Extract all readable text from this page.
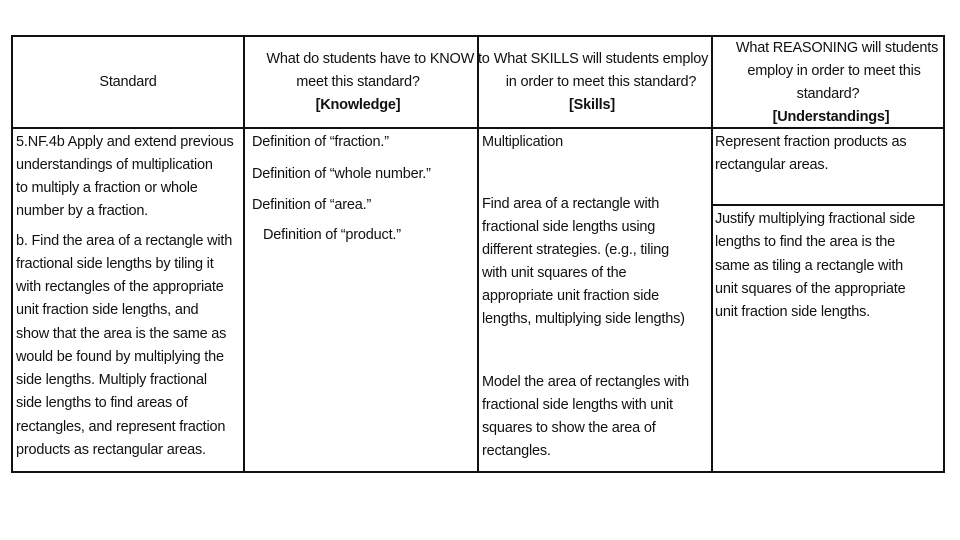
Standard
What do students have to KNOW to
meet this standard?
[Knowledge]
What SKILLS will students employ
in order to meet this standard?
[Skills]
What REASONING will students
employ in order to meet this
standard?
[Understandings]
5.NF.4b Apply and extend previous
understandings of multiplication
to multiply a fraction or whole
number by a fraction.
b. Find the area of a rectangle with
fractional side lengths by tiling it
with rectangles of the appropriate
unit fraction side lengths, and
show that the area is the same as
would be found by multiplying the
side lengths. Multiply fractional
side lengths to find areas of
rectangles, and represent fraction
products as rectangular areas.
Definition of “fraction.”
Definition of “whole number.”
Definition of “area.”
Definition of “product.”
Multiplication
Find area of a rectangle with
fractional side lengths using
different strategies. (e.g., tiling
with unit squares of the
appropriate unit fraction side
lengths, multiplying side lengths)
Model the area of rectangles with
fractional side lengths with unit
squares to show the area of
rectangles.
Represent fraction products as
rectangular areas.
Justify multiplying fractional side
lengths to find the area is the
same as tiling a rectangle with
unit squares of the appropriate
unit fraction side lengths.
